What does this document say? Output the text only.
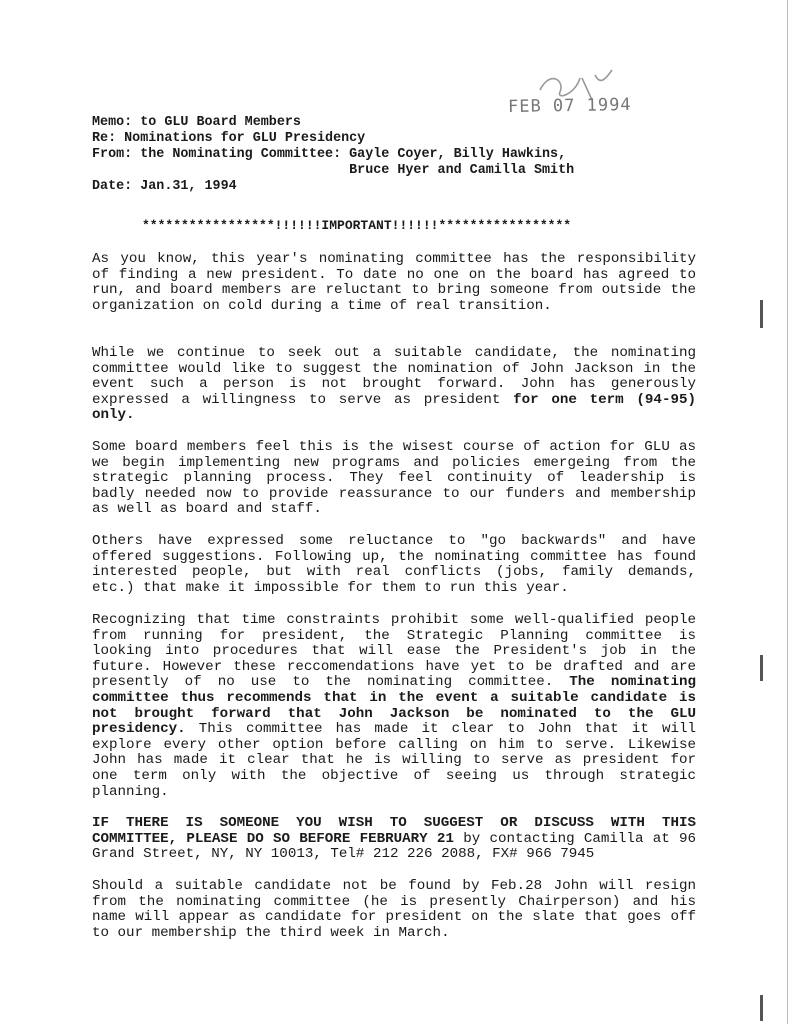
FEB 07 1994
Memo: to GLU Board Members
Re: Nominations for GLU Presidency
From: the Nominating Committee: Gayle Coyer, Billy Hawkins,
Bruce Hyer and Camilla Smith
Date: Jan.31, 1994
*****************!!!!!!IMPORTANT!!!!!!*****************
As you know, this year's nominating committee has the responsibility of finding a new president. To date no one on the board has agreed to run, and board members are reluctant to bring someone from outside the organization on cold during a time of real transition.
While we continue to seek out a suitable candidate, the nominating committee would like to suggest the nomination of John Jackson in the event such a person is not brought forward. John has generously expressed a willingness to serve as president for one term (94-95) only.
Some board members feel this is the wisest course of action for GLU as we begin implementing new programs and policies emergeing from the strategic planning process. They feel continuity of leadership is badly needed now to provide reassurance to our funders and membership as well as board and staff.
Others have expressed some reluctance to "go backwards" and have offered suggestions. Following up, the nominating committee has found interested people, but with real conflicts (jobs, family demands, etc.) that make it impossible for them to run this year.
Recognizing that time constraints prohibit some well-qualified people from running for president, the Strategic Planning committee is looking into procedures that will ease the President's job in the future. However these reccomendations have yet to be drafted and are presently of no use to the nominating committee. The nominating committee thus recommends that in the event a suitable candidate is not brought forward that John Jackson be nominated to the GLU presidency. This committee has made it clear to John that it will explore every other option before calling on him to serve. Likewise John has made it clear that he is willing to serve as president for one term only with the objective of seeing us through strategic planning.
IF THERE IS SOMEONE YOU WISH TO SUGGEST OR DISCUSS WITH THIS COMMITTEE, PLEASE DO SO BEFORE FEBRUARY 21 by contacting Camilla at 96 Grand Street, NY, NY 10013, Tel# 212 226 2088, FX# 966 7945
Should a suitable candidate not be found by Feb.28 John will resign from the nominating committee (he is presently Chairperson) and his name will appear as candidate for president on the slate that goes off to our membership the third week in March.
